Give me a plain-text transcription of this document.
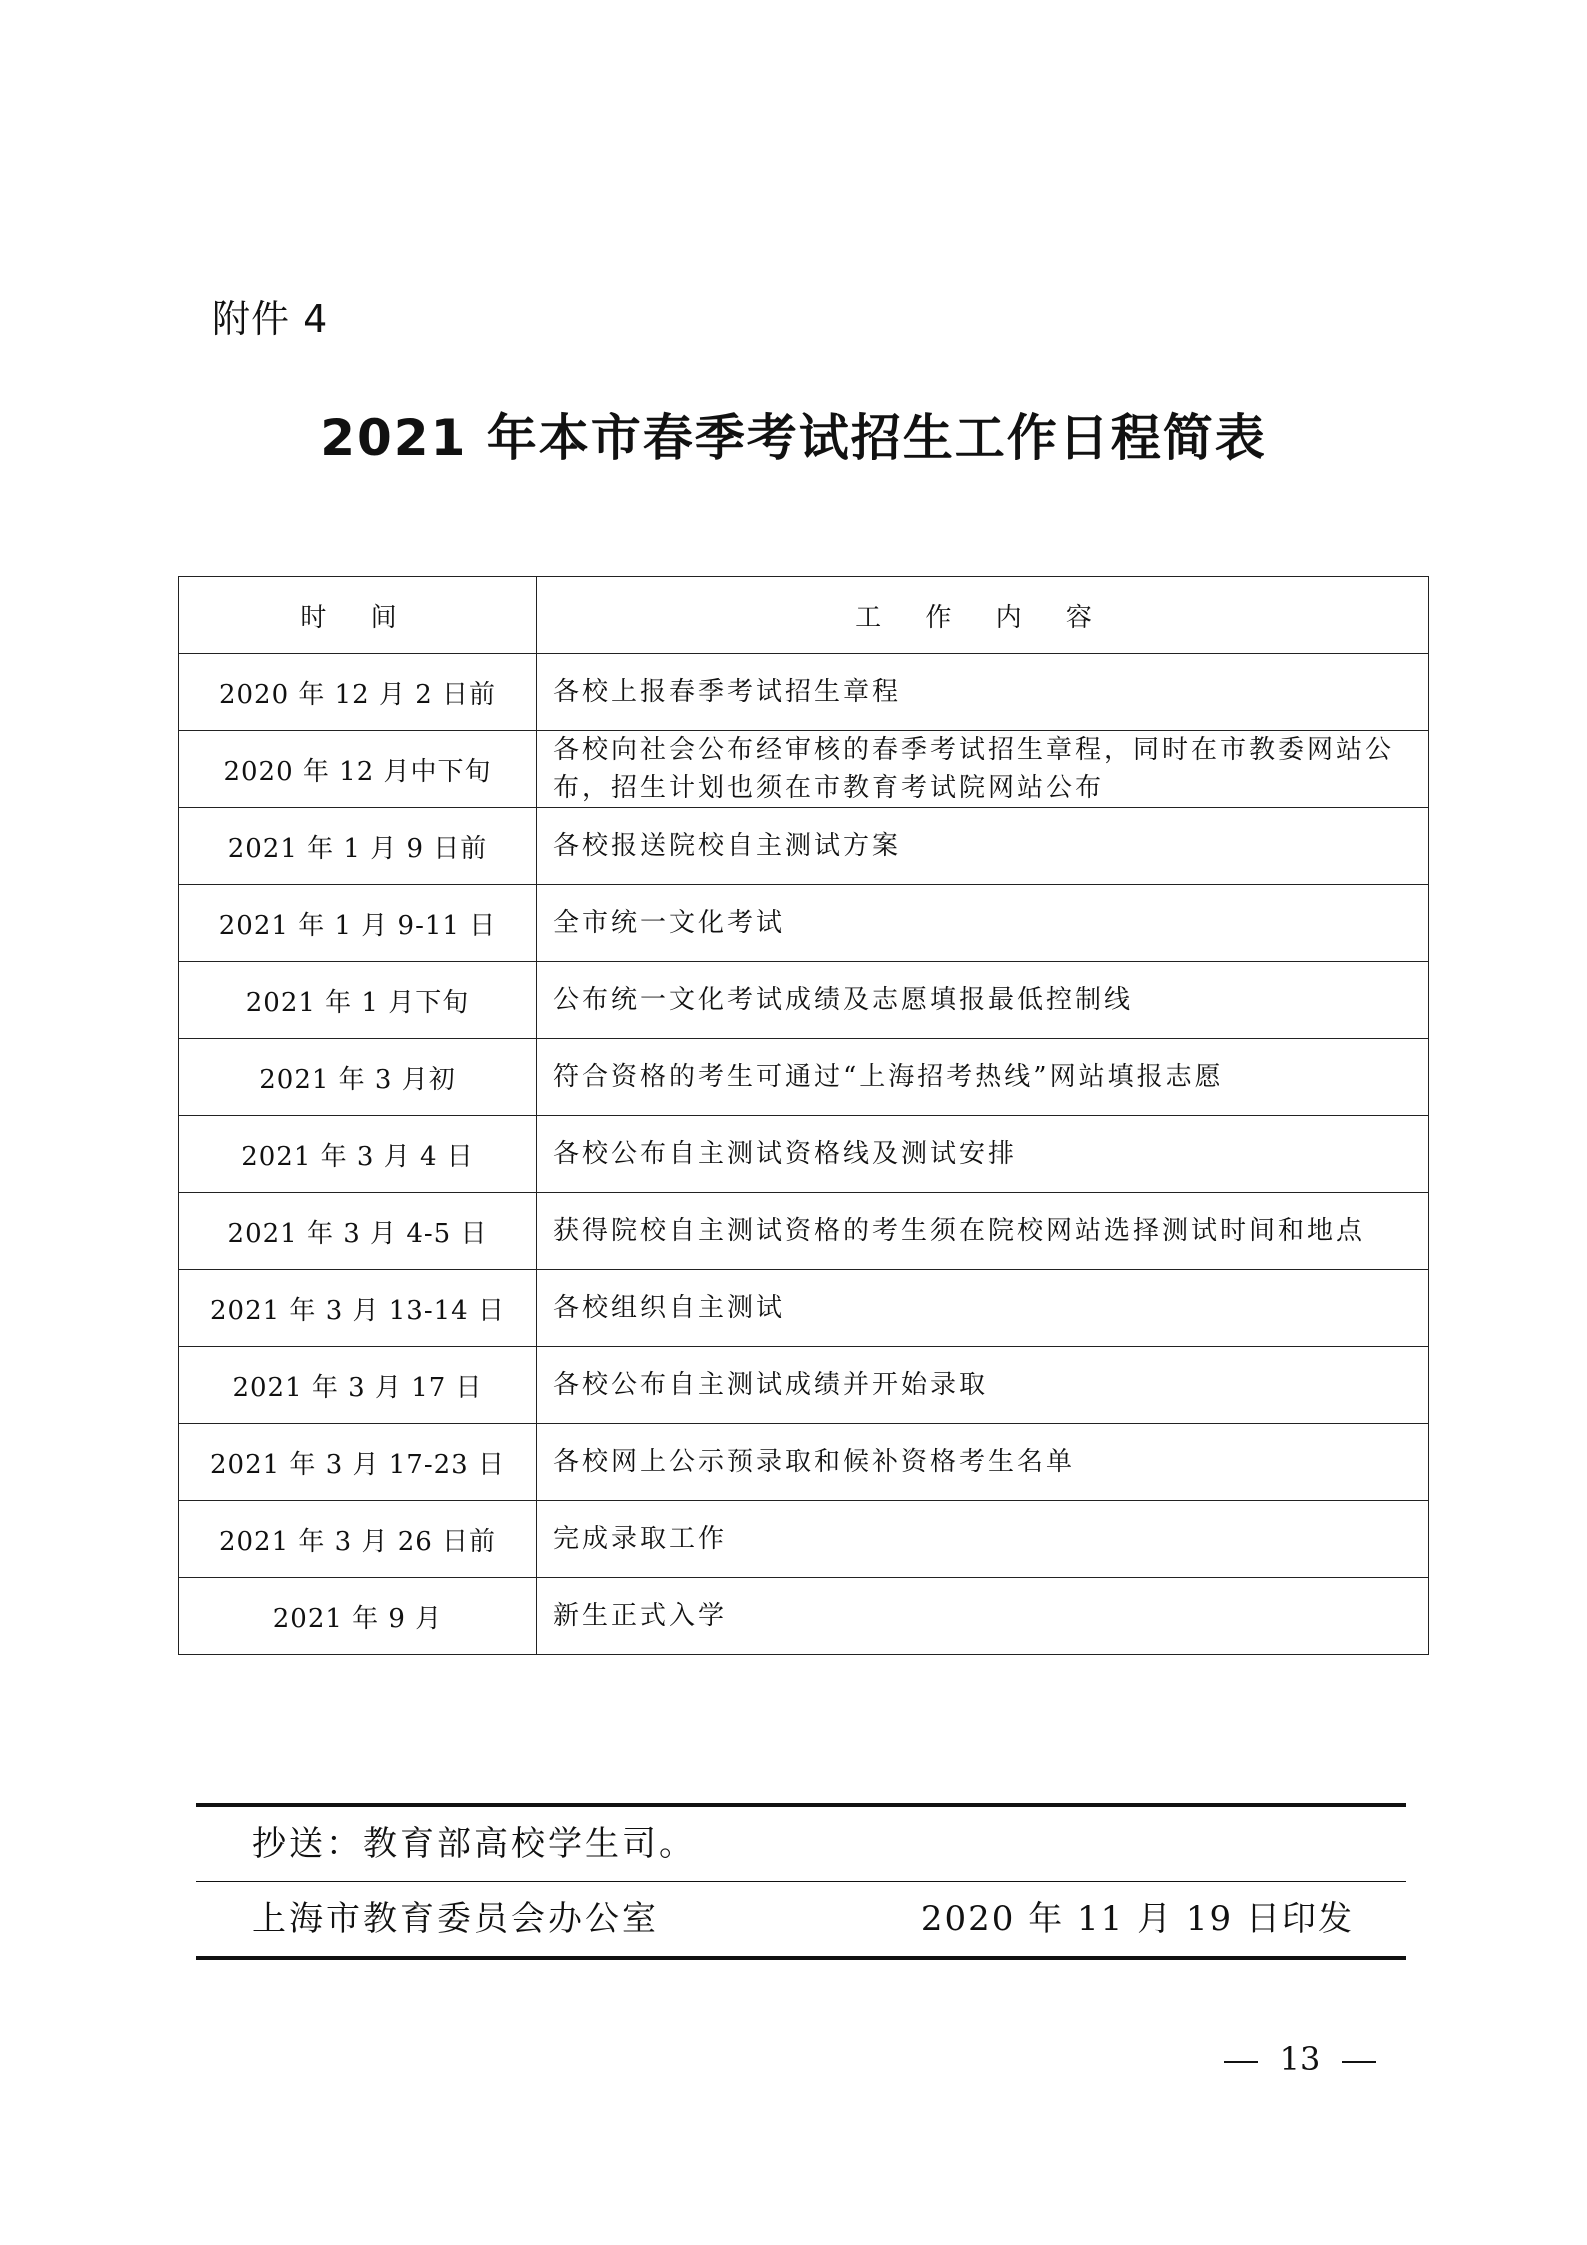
附件 4
2021 年本市春季考试招生工作日程简表
时 间	工 作 内 容
2020 年 12 月 2 日前	各校上报春季考试招生章程
2020 年 12 月中下旬	各校向社会公布经审核的春季考试招生章程，同时在市教委网站公布，招生计划也须在市教育考试院网站公布
2021 年 1 月 9 日前	各校报送院校自主测试方案
2021 年 1 月 9-11 日	全市统一文化考试
2021 年 1 月下旬	公布统一文化考试成绩及志愿填报最低控制线
2021 年 3 月初	符合资格的考生可通过“上海招考热线”网站填报志愿
2021 年 3 月 4 日	各校公布自主测试资格线及测试安排
2021 年 3 月 4-5 日	获得院校自主测试资格的考生须在院校网站选择测试时间和地点
2021 年 3 月 13-14 日	各校组织自主测试
2021 年 3 月 17 日	各校公布自主测试成绩并开始录取
2021 年 3 月 17-23 日	各校网上公示预录取和候补资格考生名单
2021 年 3 月 26 日前	完成录取工作
2021 年 9 月	新生正式入学
抄送：教育部高校学生司。
上海市教育委员会办公室	2020 年 11 月 19 日印发
13
